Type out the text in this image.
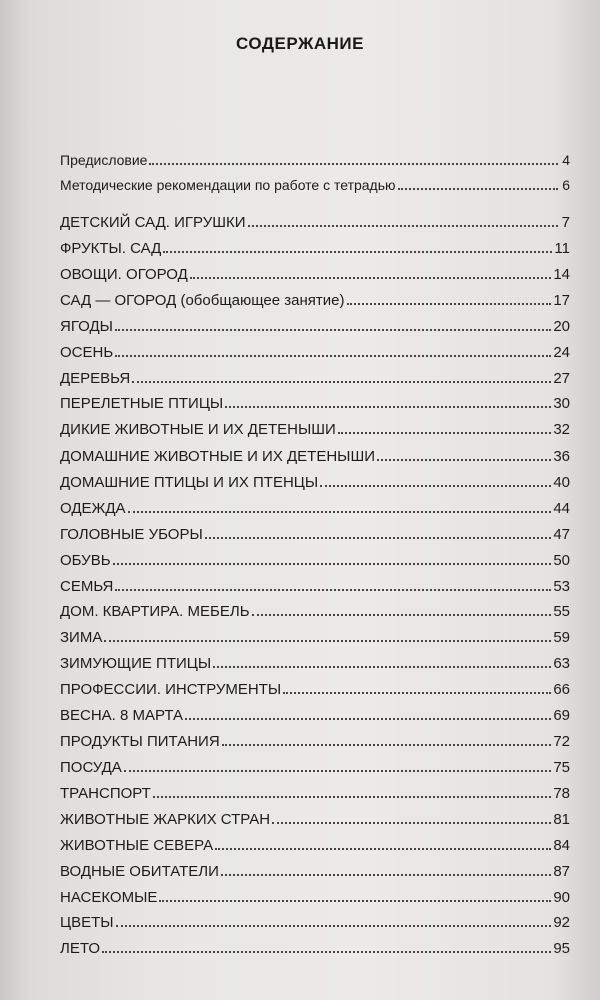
СОДЕРЖАНИЕ
Предисловие	4
Методические рекомендации по работе с тетрадью	6
ДЕТСКИЙ САД. ИГРУШКИ	7
ФРУКТЫ. САД	11
ОВОЩИ. ОГОРОД	14
САД — ОГОРОД (обобщающее занятие)	17
ЯГОДЫ	20
ОСЕНЬ	24
ДЕРЕВЬЯ	27
ПЕРЕЛЕТНЫЕ ПТИЦЫ	30
ДИКИЕ ЖИВОТНЫЕ И ИХ ДЕТЕНЫШИ	32
ДОМАШНИЕ ЖИВОТНЫЕ И ИХ ДЕТЕНЫШИ	36
ДОМАШНИЕ ПТИЦЫ И ИХ ПТЕНЦЫ	40
ОДЕЖДА	44
ГОЛОВНЫЕ УБОРЫ	47
ОБУВЬ	50
СЕМЬЯ	53
ДОМ. КВАРТИРА. МЕБЕЛЬ	55
ЗИМА	59
ЗИМУЮЩИЕ ПТИЦЫ	63
ПРОФЕССИИ. ИНСТРУМЕНТЫ	66
ВЕСНА. 8 МАРТА	69
ПРОДУКТЫ ПИТАНИЯ	72
ПОСУДА	75
ТРАНСПОРТ	78
ЖИВОТНЫЕ ЖАРКИХ СТРАН	81
ЖИВОТНЫЕ СЕВЕРА	84
ВОДНЫЕ ОБИТАТЕЛИ	87
НАСЕКОМЫЕ	90
ЦВЕТЫ	92
ЛЕТО	95
